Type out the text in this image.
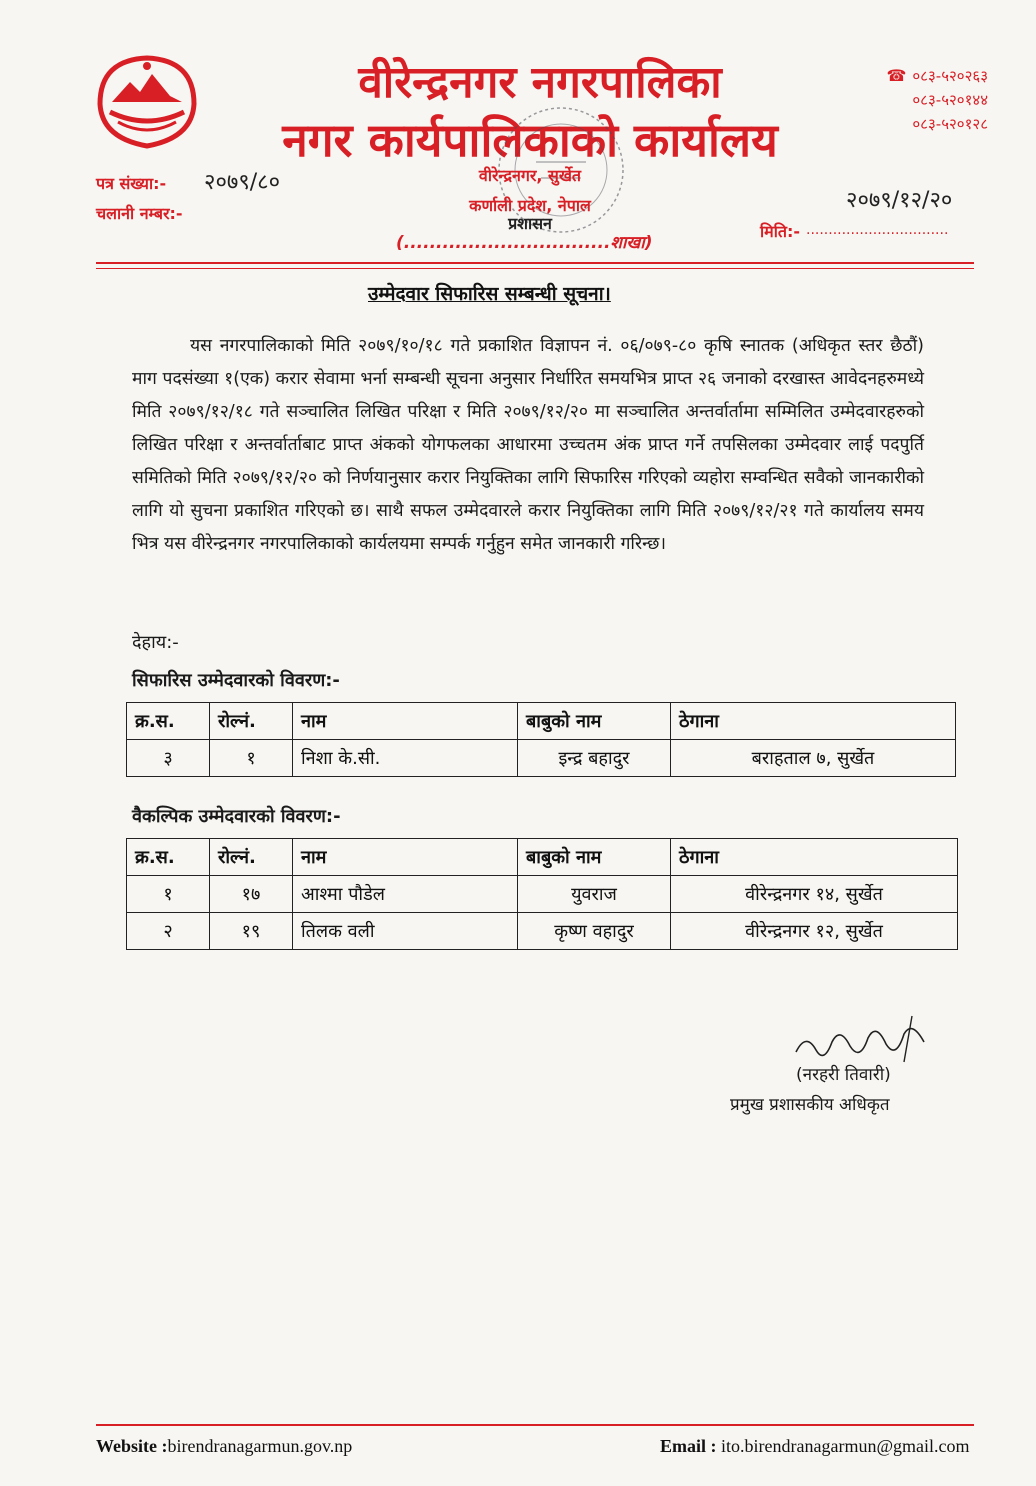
वीरेन्द्रनगर नगरपालिका
नगर कार्यपालिकाको कार्यालय
☎ ०८३-५२०२६३
०८३-५२०१४४
०८३-५२०१२८
वीरेन्द्रनगर, सुर्खेत
कर्णाली प्रदेश, नेपाल
प्रशासन
(................................शाखा)
पत्र संख्या:- २०७९/८०
चलानी नम्बर:-
२०७९/१२/२०
मिति:- ................................
उम्मेदवार सिफारिस सम्बन्धी सूचना।

यस नगरपालिकाको मिति २०७९/१०/१८ गते प्रकाशित विज्ञापन नं. ०६/०७९-८० कृषि स्नातक (अधिकृत स्तर छैठौं) माग पदसंख्या १(एक) करार सेवामा भर्ना सम्बन्धी सूचना अनुसार निर्धारित समयभित्र प्राप्त २६ जनाको दरखास्त आवेदनहरुमध्ये मिति २०७९/१२/१८ गते सञ्चालित लिखित परिक्षा र मिति २०७९/१२/२० मा सञ्चालित अन्तर्वार्तामा सम्मिलित उम्मेदवारहरुको लिखित परिक्षा र अन्तर्वार्ताबाट प्राप्त अंकको योगफलका आधारमा उच्चतम अंक प्राप्त गर्ने तपसिलका उम्मेदवार लाई पदपुर्ति समितिको मिति २०७९/१२/२० को निर्णयानुसार करार नियुक्तिका लागि सिफारिस गरिएको व्यहोरा सम्वन्धित सवैको जानकारीको लागि यो सुचना प्रकाशित गरिएको छ। साथै सफल उम्मेदवारले करार नियुक्तिका लागि मिति २०७९/१२/२१ गते कार्यालय समय भित्र यस वीरेन्द्रनगर नगरपालिकाको कार्यलयमा सम्पर्क गर्नुहुन समेत जानकारी गरिन्छ।

देहाय:-
सिफारिस उम्मेदवारको विवरण:-
क्र.स.	रोल्नं.	नाम	बाबुको नाम	ठेगाना
३	१	निशा के.सी.	इन्द्र बहादुर	बराहताल ७, सुर्खेत
वैकल्पिक उम्मेदवारको विवरण:-
क्र.स.	रोल्नं.	नाम	बाबुको नाम	ठेगाना
१	१७	आश्मा पौडेल	युवराज	वीरेन्द्रनगर १४, सुर्खेत
२	१९	तिलक वली	कृष्ण वहादुर	वीरेन्द्रनगर १२, सुर्खेत
(नरहरी तिवारी)
प्रमुख प्रशासकीय अधिकृत
Website :birendranagarmun.gov.np	Email : ito.birendranagarmun@gmail.com
